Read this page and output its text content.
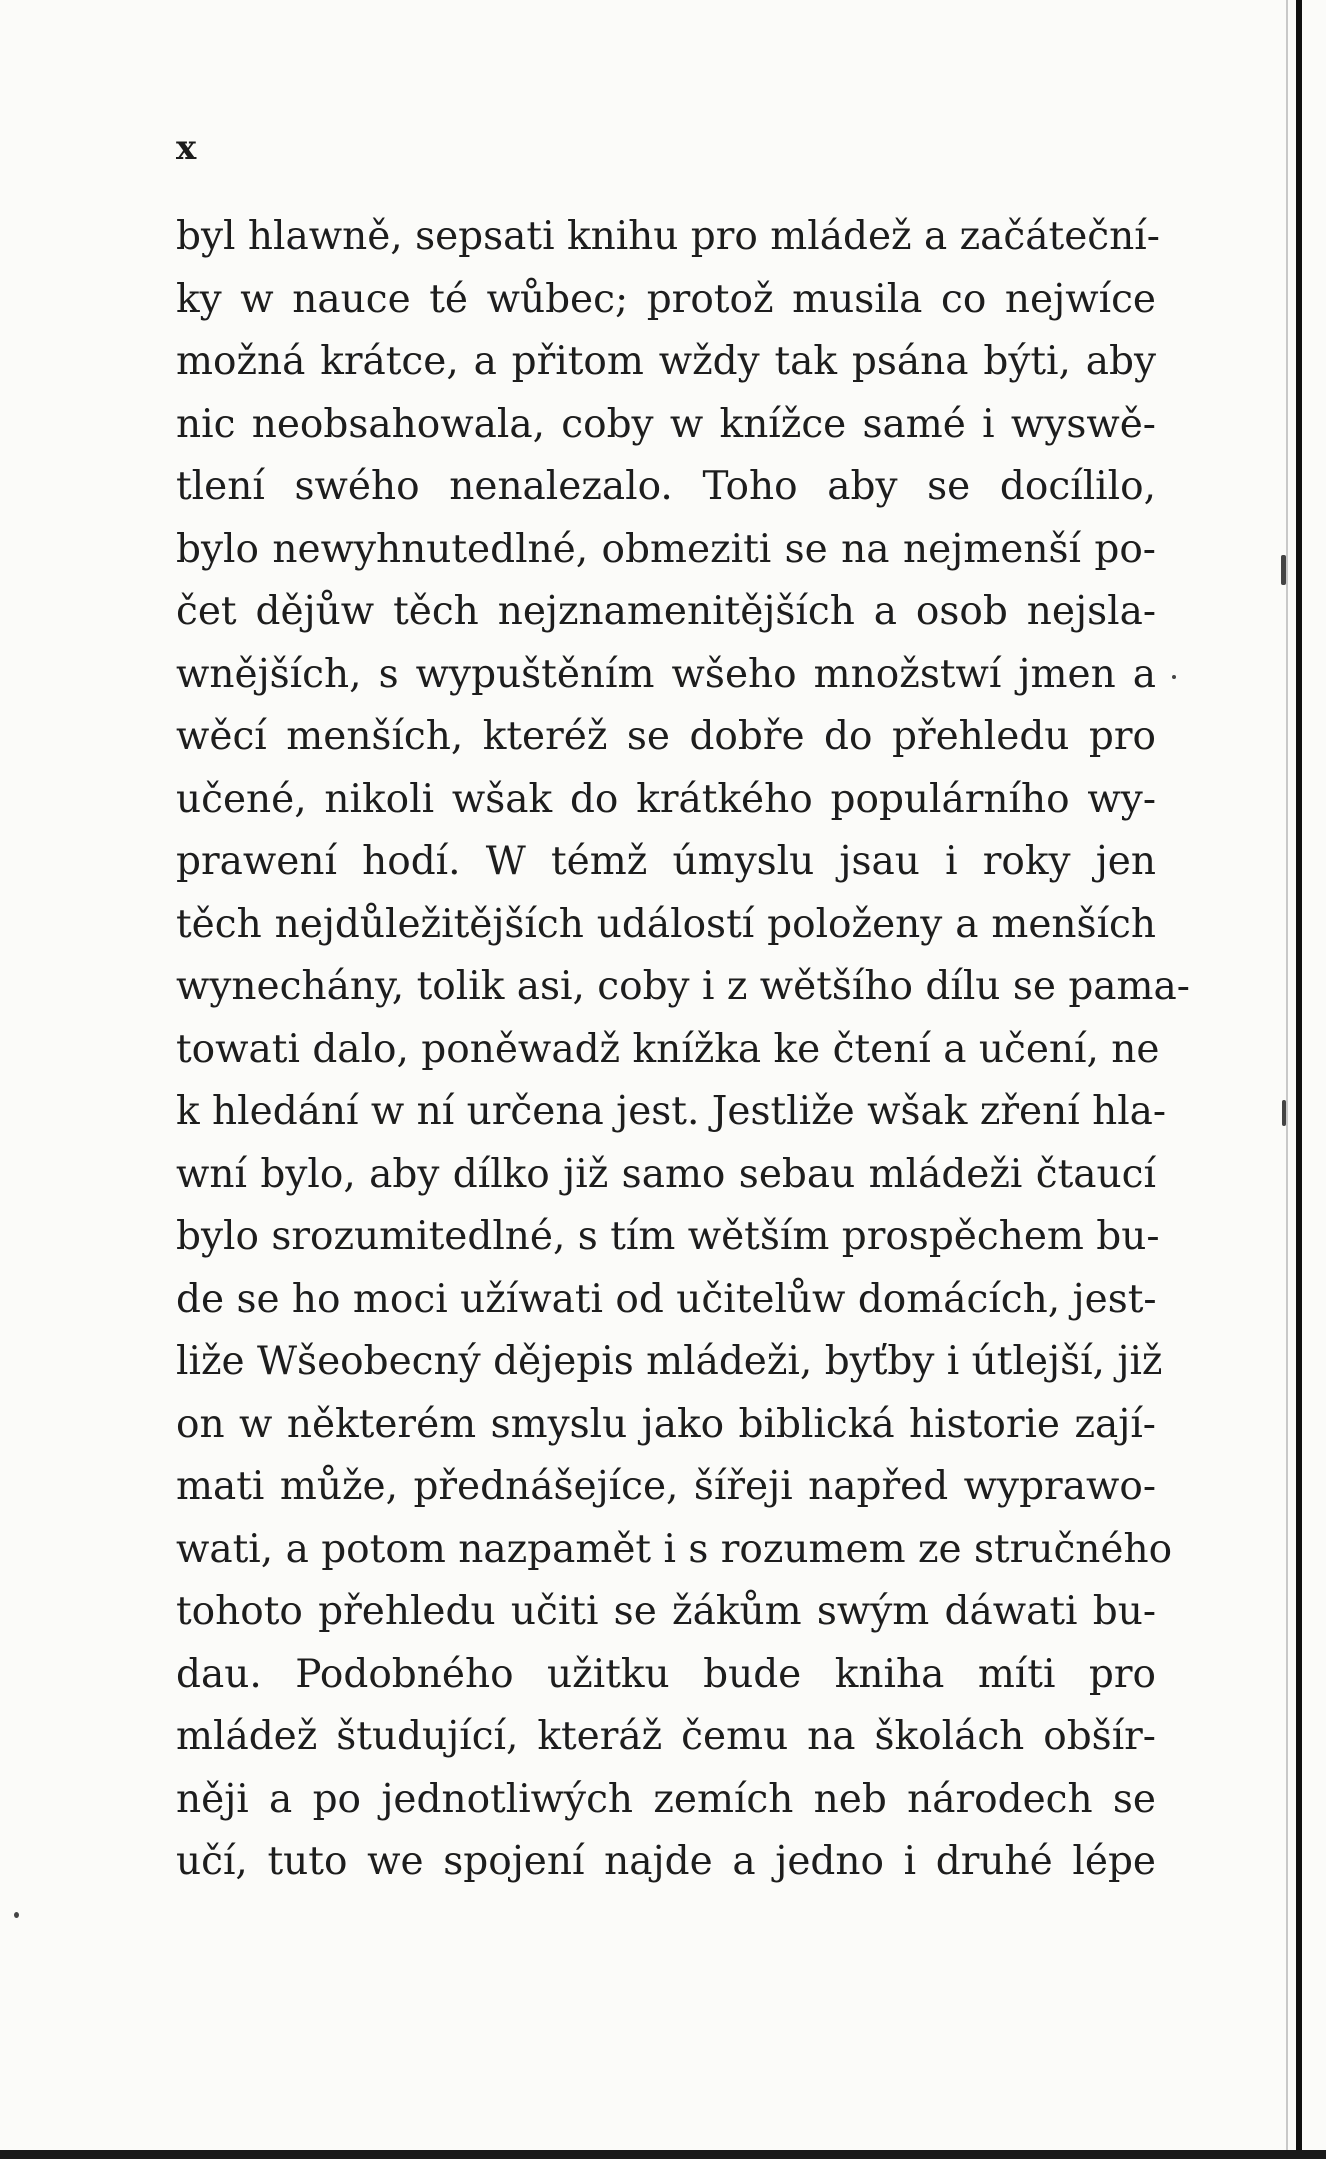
x

byl hlawně, sepsati knihu pro mládež a začáteční-
ky w nauce té wůbec; protož musila co nejwíce
možná krátce, a přitom wždy tak psána býti, aby
nic neobsahowala, coby w knížce samé i wyswě-
tlení swého nenalezalo. Toho aby se docílilo,
bylo newyhnutedlné, obmeziti se na nejmenší po-
čet dějůw těch nejznamenitějších a osob nejsla-
wnějších, s wypuštěním wšeho množstwí jmen a
wěcí menších, kteréž se dobře do přehledu pro
učené, nikoli wšak do krátkého populárního wy-
prawení hodí. W témž úmyslu jsau i roky jen
těch nejdůležitějších událostí položeny a menších
wynechány, tolik asi, coby i z wětšího dílu se pama-
towati dalo, poněwadž knížka ke čtení a učení, ne
k hledání w ní určena jest. Jestliže wšak zření hla-
wní bylo, aby dílko již samo sebau mládeži čtaucí
bylo srozumitedlné, s tím wětším prospěchem bu-
de se ho moci užíwati od učitelůw domácích, jest-
liže Wšeobecný dějepis mládeži, byťby i útlejší, již
on w některém smyslu jako biblická historie zají-
mati může, přednášejíce, šířeji napřed wyprawo-
wati, a potom nazpamět i s rozumem ze stručného
tohoto přehledu učiti se žákům swým dáwati bu-
dau. Podobného užitku bude kniha míti pro
mládež študující, kteráž čemu na školách obšír-
něji a po jednotliwých zemích neb národech se
učí, tuto we spojení najde a jedno i druhé lépe
